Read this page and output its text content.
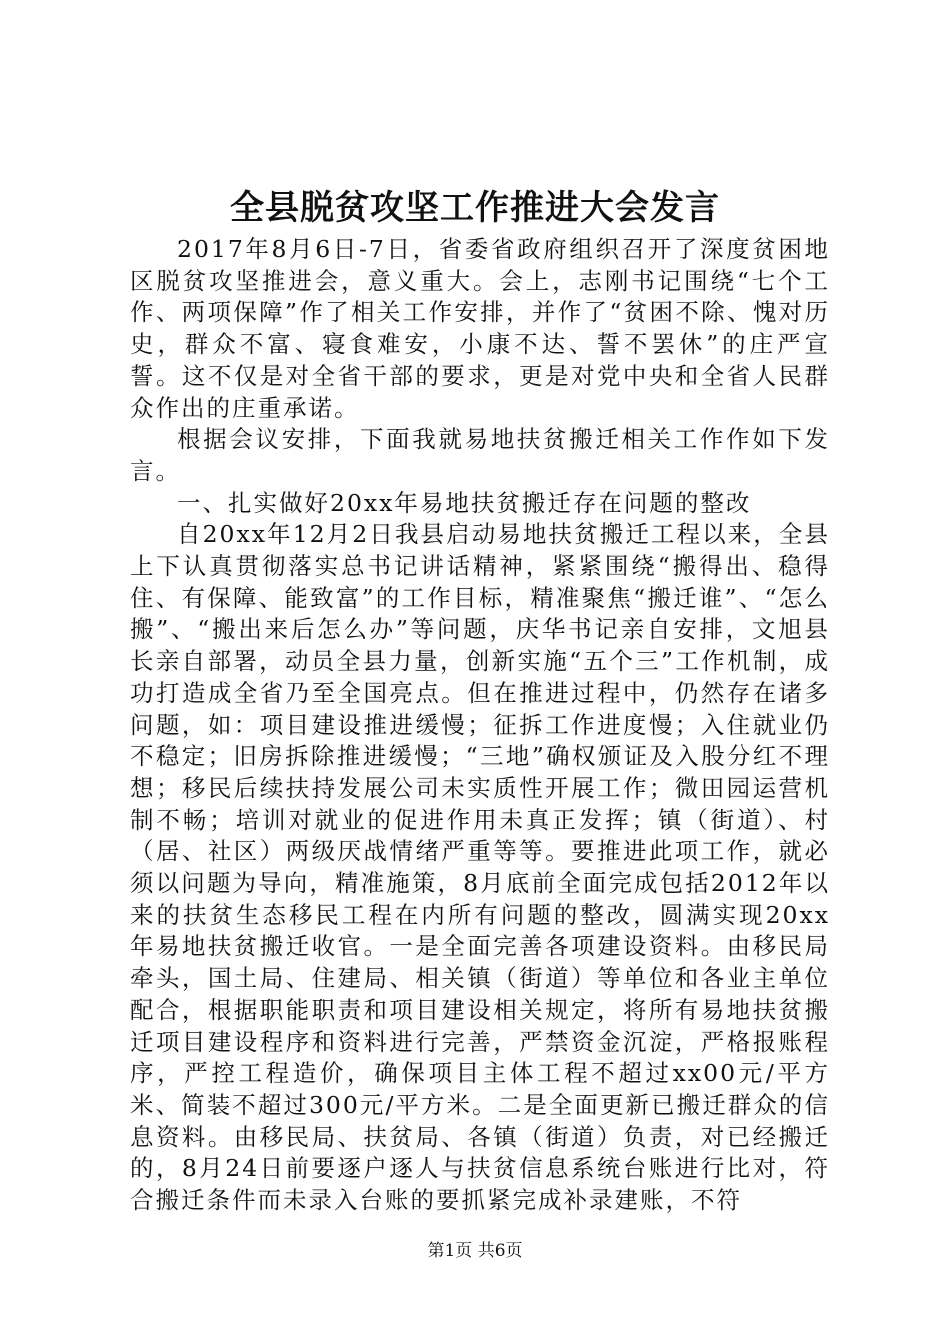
全县脱贫攻坚工作推进大会发言

2017年8月6日-7日，省委省政府组织召开了深度贫困地区脱贫攻坚推进会，意义重大。会上，志刚书记围绕“七个工作、两项保障”作了相关工作安排，并作了“贫困不除、愧对历史，群众不富、寝食难安，小康不达、誓不罢休”的庄严宣誓。这不仅是对全省干部的要求，更是对党中央和全省人民群众作出的庄重承诺。

根据会议安排，下面我就易地扶贫搬迁相关工作作如下发言。

一、扎实做好20xx年易地扶贫搬迁存在问题的整改

自20xx年12月2日我县启动易地扶贫搬迁工程以来，全县上下认真贯彻落实总书记讲话精神，紧紧围绕“搬得出、稳得住、有保障、能致富”的工作目标，精准聚焦“搬迁谁”、“怎么搬”、“搬出来后怎么办”等问题，庆华书记亲自安排，文旭县长亲自部署，动员全县力量，创新实施“五个三”工作机制，成功打造成全省乃至全国亮点。但在推进过程中，仍然存在诸多问题，如：项目建设推进缓慢；征拆工作进度慢；入住就业仍不稳定；旧房拆除推进缓慢；“三地”确权颁证及入股分红不理想；移民后续扶持发展公司未实质性开展工作；微田园运营机制不畅；培训对就业的促进作用未真正发挥；镇（街道）、村（居、社区）两级厌战情绪严重等等。要推进此项工作，就必须以问题为导向，精准施策，8月底前全面完成包括2012年以来的扶贫生态移民工程在内所有问题的整改，圆满实现20xx年易地扶贫搬迁收官。一是全面完善各项建设资料。由移民局牵头，国土局、住建局、相关镇（街道）等单位和各业主单位配合，根据职能职责和项目建设相关规定，将所有易地扶贫搬迁项目建设程序和资料进行完善，严禁资金沉淀，严格报账程序，严控工程造价，确保项目主体工程不超过xx00元/平方米、简装不超过300元/平方米。二是全面更新已搬迁群众的信息资料。由移民局、扶贫局、各镇（街道）负责，对已经搬迁的，8月24日前要逐户逐人与扶贫信息系统台账进行比对，符合搬迁条件而未录入台账的要抓紧完成补录建账，不符

第1页 共6页
